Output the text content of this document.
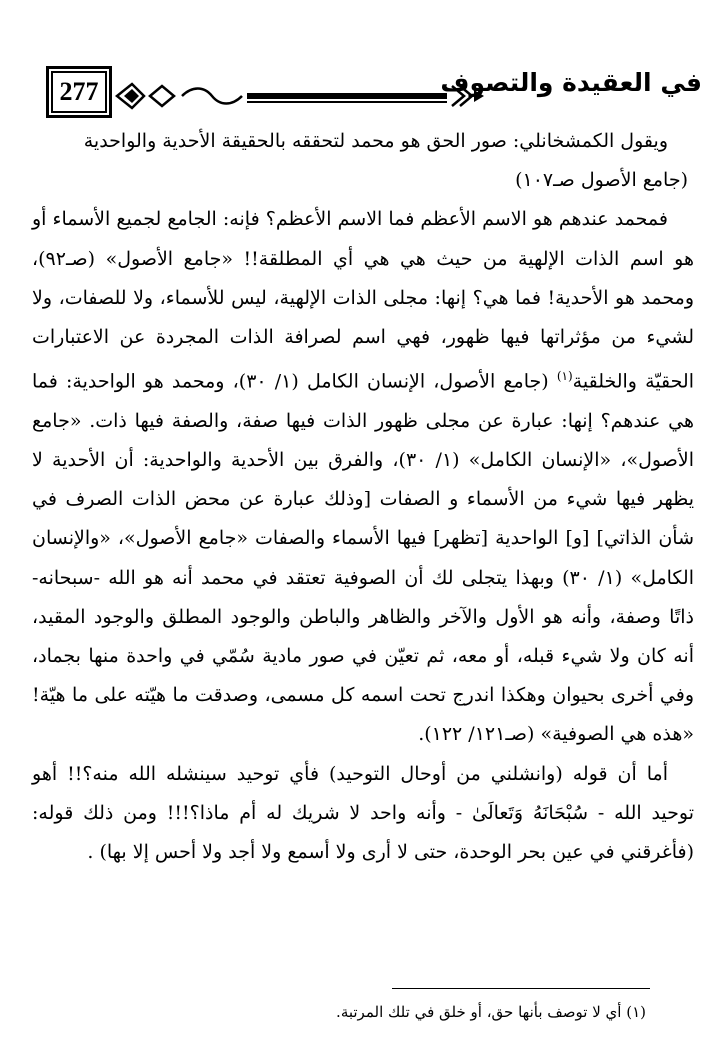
277	في العقيدة والتصوف

ويقول الكمشخانلي: صور الحق هو محمد لتحققه بالحقيقة الأحدية والواحدية

(جامع الأصول صـ١٠٧)

فمحمد عندهم هو الاسم الأعظم فما الاسم الأعظم؟ فإنه: الجامع لجميع الأسماء أو هو اسم الذات الإلهية من حيث هي هي أي المطلقة!! «جامع الأصول» (صـ٩٢)، ومحمد هو الأحدية! فما هي؟ إنها: مجلى الذات الإلهية، ليس للأسماء، ولا للصفات، ولا لشيء من مؤثراتها فيها ظهور، فهي اسم لصرافة الذات المجردة عن الاعتبارات الحقيّة والخلقية$^{(١)}$ (جامع الأصول، الإنسان الكامل (١/ ٣٠)، ومحمد هو الواحدية: فما هي عندهم؟ إنها: عبارة عن مجلى ظهور الذات فيها صفة، والصفة فيها ذات. «جامع الأصول»، «الإنسان الكامل» (١/ ٣٠)، والفرق بين الأحدية والواحدية: أن الأحدية لا يظهر فيها شيء من الأسماء و الصفات [وذلك عبارة عن محض الذات الصرف في شأن الذاتي] [و] الواحدية [تظهر] فيها الأسماء والصفات «جامع الأصول»، «والإنسان الكامل» (١/ ٣٠) وبهذا يتجلى لك أن الصوفية تعتقد في محمد أنه هو الله -سبحانه- ذاتًا وصفة، وأنه هو الأول والآخر والظاهر والباطن والوجود المطلق والوجود المقيد، أنه كان ولا شيء قبله، أو معه، ثم تعيّن في صور مادية سُمّي في واحدة منها بجماد، وفي أخرى بحيوان وهكذا اندرج تحت اسمه كل مسمى، وصدقت ما هيّته على ما هيّة! «هذه هي الصوفية» (صـ١٢١/ ١٢٢).

أما أن قوله (وانشلني من أوحال التوحيد) فأي توحيد سينشله الله منه؟!! أهو توحيد الله - سُبْحَانَهُ وَتَعالَىٰ - وأنه واحد لا شريك له أم ماذا؟!!! ومن ذلك قوله: (فأغرقني في عين بحر الوحدة، حتى لا أرى ولا أسمع ولا أجد ولا أحس إلا بها) .

(١) أي لا توصف بأنها حق، أو خلق في تلك المرتبة.
